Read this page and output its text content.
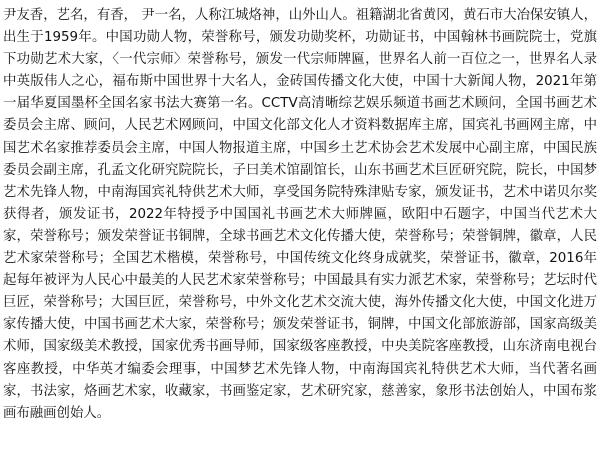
尹友香，艺名，有香， 尹一名，人称江城烙神，山外山人。祖籍湖北省黄冈，黄石市大冶保安镇人，出生于1959年。中国功勋人物，荣誉称号，颁发功勋奖杯，功勋证书，中国翰林书画院院士，党旗下功勋艺术大家，〈一代宗师〉荣誉称号，颁发一代宗师牌匾，世界名人前一百位之一，世界名人录中英版伟人之心，福布斯中国世界十大名人，金砖国传播文化大使，中国十大新闻人物，2021年第一届华夏国墨杯全国名家书法大赛第一名。CCTV高清晰综艺娱乐频道书画艺术顾问，全国书画艺术委员会主席、顾问，人民艺术网顾问，中国文化部文化人才资料数据库主席，国宾礼书画网主席，中国艺术名家推荐委员会主席，中国人物报道主席，中国乡土艺术协会艺术发展中心副主席，中国民族委员会副主席，孔孟文化研究院院长，子曰美术馆副馆长，山东书画艺术巨匠研究院，院长，中国梦艺术先锋人物，中南海国宾礼特供艺术大师，享受国务院特殊津贴专家，颁发证书，艺术中诺贝尔奖获得者，颁发证书，2022年特授予中国国礼书画艺术大师牌匾，欧阳中石题字，中国当代艺术大家，荣誉称号；颁发荣誉证书铜牌，全球书画艺术文化传播大使，荣誉称号；荣誉铜牌，徽章，人民艺术家荣誉称号；全国艺术楷模，荣誉称号，中国传统文化终身成就奖，荣誉证书，徽章，2016年起每年被评为人民心中最美的人民艺术家荣誉称号；中国最具有实力派艺术家，荣誉称号；艺坛时代巨匠，荣誉称号；大国巨匠，荣誉称号，中外文化艺术交流大使，海外传播文化大使，中国文化进万家传播大使，中国书画艺术大家，荣誉称号；颁发荣誉证书，铜牌，中国文化部旅游部，国家高级美术师，国家级美术教授，国家优秀书画导师，国家级客座教授，中央美院客座教授，山东济南电视台客座教授，中华英才编委会理事，中国梦艺术先锋人物，中南海国宾礼特供艺术大师，当代著名画家，书法家，烙画艺术家，收藏家，书画鉴定家，艺术研究家，慈善家，象形书法创始人，中国布浆画布融画创始人。
